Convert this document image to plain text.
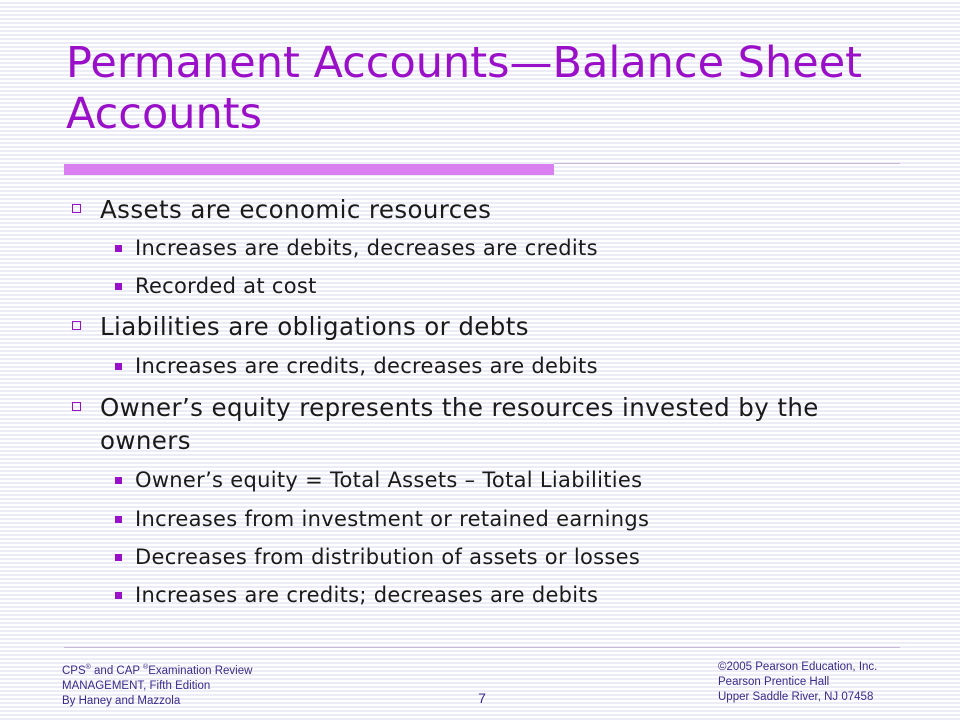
Permanent Accounts—Balance Sheet Accounts
Assets are economic resources
Increases are debits, decreases are credits
Recorded at cost
Liabilities are obligations or debts
Increases are credits, decreases are debits
Owner’s equity represents the resources invested by the owners
Owner’s equity = Total Assets – Total Liabilities
Increases from investment or retained earnings
Decreases from distribution of assets or losses
Increases are credits; decreases are debits
CPS® and CAP ®Examination Review
MANAGEMENT, Fifth Edition
By Haney and Mazzola	7
©2005 Pearson Education, Inc.
Pearson Prentice Hall
Upper Saddle River, NJ 07458
